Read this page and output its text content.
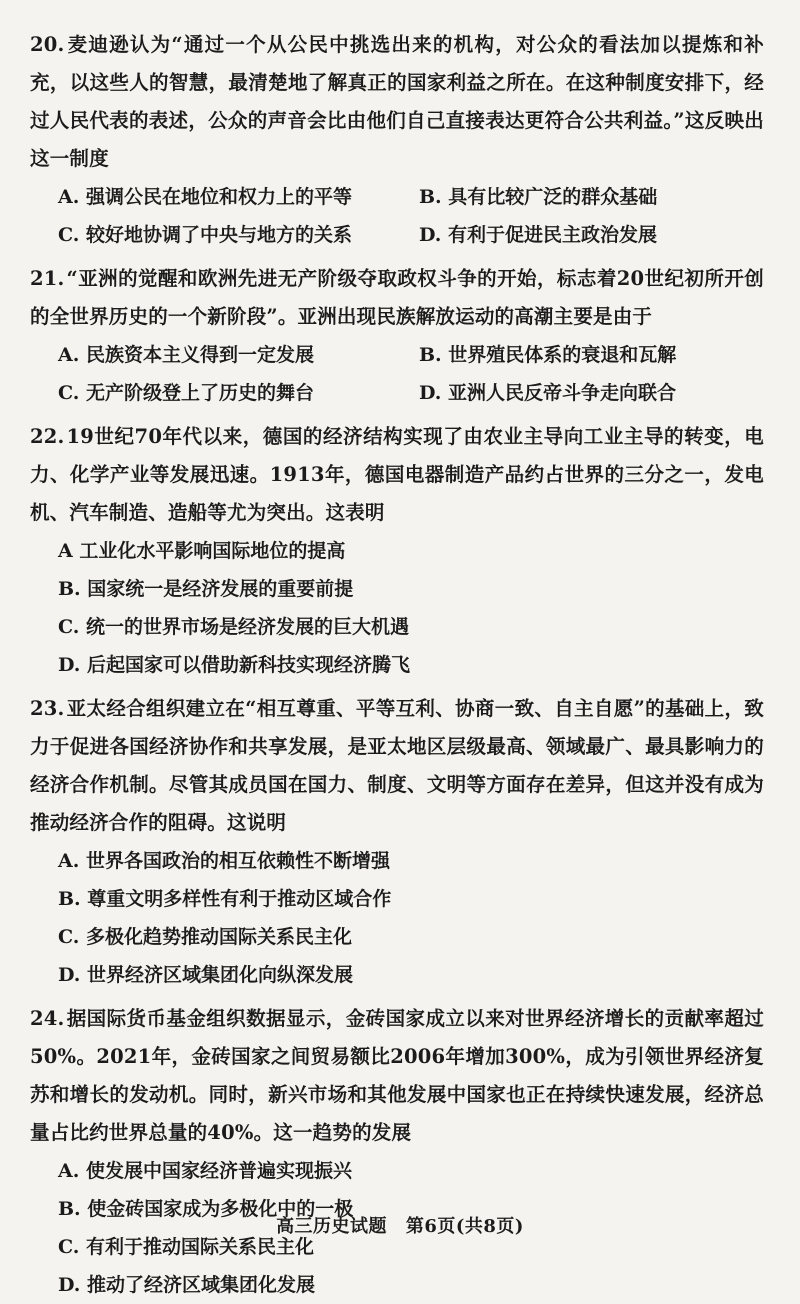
20. 麦迪逊认为“通过一个从公民中挑选出来的机构，对公众的看法加以提炼和补充，以这些人的智慧，最清楚地了解真正的国家利益之所在。在这种制度安排下，经过人民代表的表述，公众的声音会比由他们自己直接表达更符合公共利益。”这反映出这一制度
A. 强调公民在地位和权力上的平等	B. 具有比较广泛的群众基础
C. 较好地协调了中央与地方的关系	D. 有利于促进民主政治发展
21. “亚洲的觉醒和欧洲先进无产阶级夺取政权斗争的开始，标志着20世纪初所开创的全世界历史的一个新阶段”。亚洲出现民族解放运动的高潮主要是由于
A. 民族资本主义得到一定发展	B. 世界殖民体系的衰退和瓦解
C. 无产阶级登上了历史的舞台	D. 亚洲人民反帝斗争走向联合
22. 19世纪70年代以来，德国的经济结构实现了由农业主导向工业主导的转变，电力、化学产业等发展迅速。1913年，德国电器制造产品约占世界的三分之一，发电机、汽车制造、造船等尤为突出。这表明
A 工业化水平影响国际地位的提高
B. 国家统一是经济发展的重要前提
C. 统一的世界市场是经济发展的巨大机遇
D. 后起国家可以借助新科技实现经济腾飞
23. 亚太经合组织建立在“相互尊重、平等互利、协商一致、自主自愿”的基础上，致力于促进各国经济协作和共享发展，是亚太地区层级最高、领域最广、最具影响力的经济合作机制。尽管其成员国在国力、制度、文明等方面存在差异，但这并没有成为推动经济合作的阻碍。这说明
A. 世界各国政治的相互依赖性不断增强
B. 尊重文明多样性有利于推动区域合作
C. 多极化趋势推动国际关系民主化
D. 世界经济区域集团化向纵深发展
24. 据国际货币基金组织数据显示，金砖国家成立以来对世界经济增长的贡献率超过50%。2021年，金砖国家之间贸易额比2006年增加300%，成为引领世界经济复苏和增长的发动机。同时，新兴市场和其他发展中国家也正在持续快速发展，经济总量占比约世界总量的40%。这一趋势的发展
A. 使发展中国家经济普遍实现振兴
B. 使金砖国家成为多极化中的一极
C. 有利于推动国际关系民主化
D. 推动了经济区域集团化发展
高三历史试题 第6页(共8页)
